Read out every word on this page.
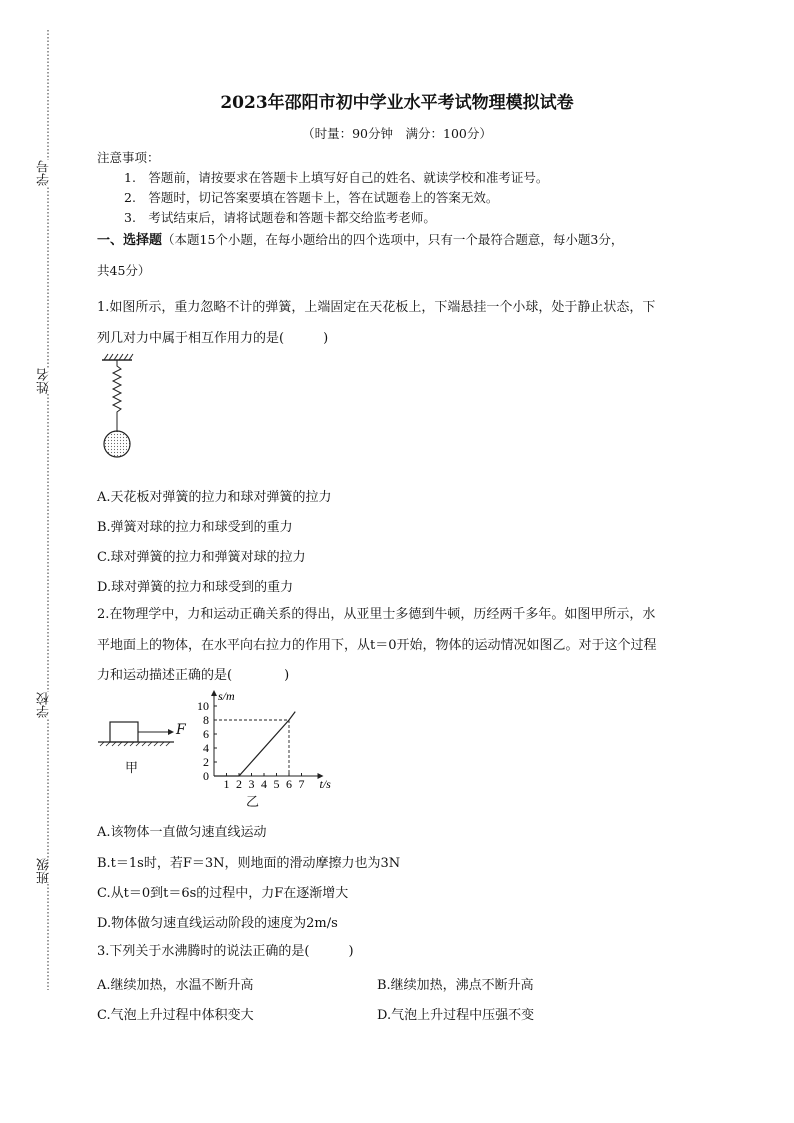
学号
姓名
学校
班级
2023年邵阳市初中学业水平考试物理模拟试卷
（时量：90分钟　满分：100分）
注意事项：
1.　答题前，请按要求在答题卡上填写好自己的姓名、就读学校和准考证号。
2.　答题时，切记答案要填在答题卡上，答在试题卷上的答案无效。
3.　考试结束后，请将试题卷和答题卡都交给监考老师。
一、选择题（本题15个小题，在每小题给出的四个选项中，只有一个最符合题意，每小题3分，
共45分）
1.如图所示，重力忽略不计的弹簧，上端固定在天花板上，下端悬挂一个小球，处于静止状态，下
列几对力中属于相互作用力的是(　　　)
A.天花板对弹簧的拉力和球对弹簧的拉力
B.弹簧对球的拉力和球受到的重力
C.球对弹簧的拉力和弹簧对球的拉力
D.球对弹簧的拉力和球受到的重力
2.在物理学中，力和运动正确关系的得出，从亚里士多德到牛顿，历经两千多年。如图甲所示，水
平地面上的物体，在水平向右拉力的作用下，从t＝0开始，物体的运动情况如图乙。对于这个过程
力和运动描述正确的是(　　　　)
F
甲
1 2 3 4 5 6 7
2
4
6
8
10
0
s/m
t/s
乙
A.该物体一直做匀速直线运动
B.t＝1s时，若F＝3N，则地面的滑动摩擦力也为3N
C.从t＝0到t＝6s的过程中，力F在逐渐增大
D.物体做匀速直线运动阶段的速度为2m/s
3.下列关于水沸腾时的说法正确的是(　　　)
A.继续加热，水温不断升高	B.继续加热，沸点不断升高
C.气泡上升过程中体积变大	D.气泡上升过程中压强不变
